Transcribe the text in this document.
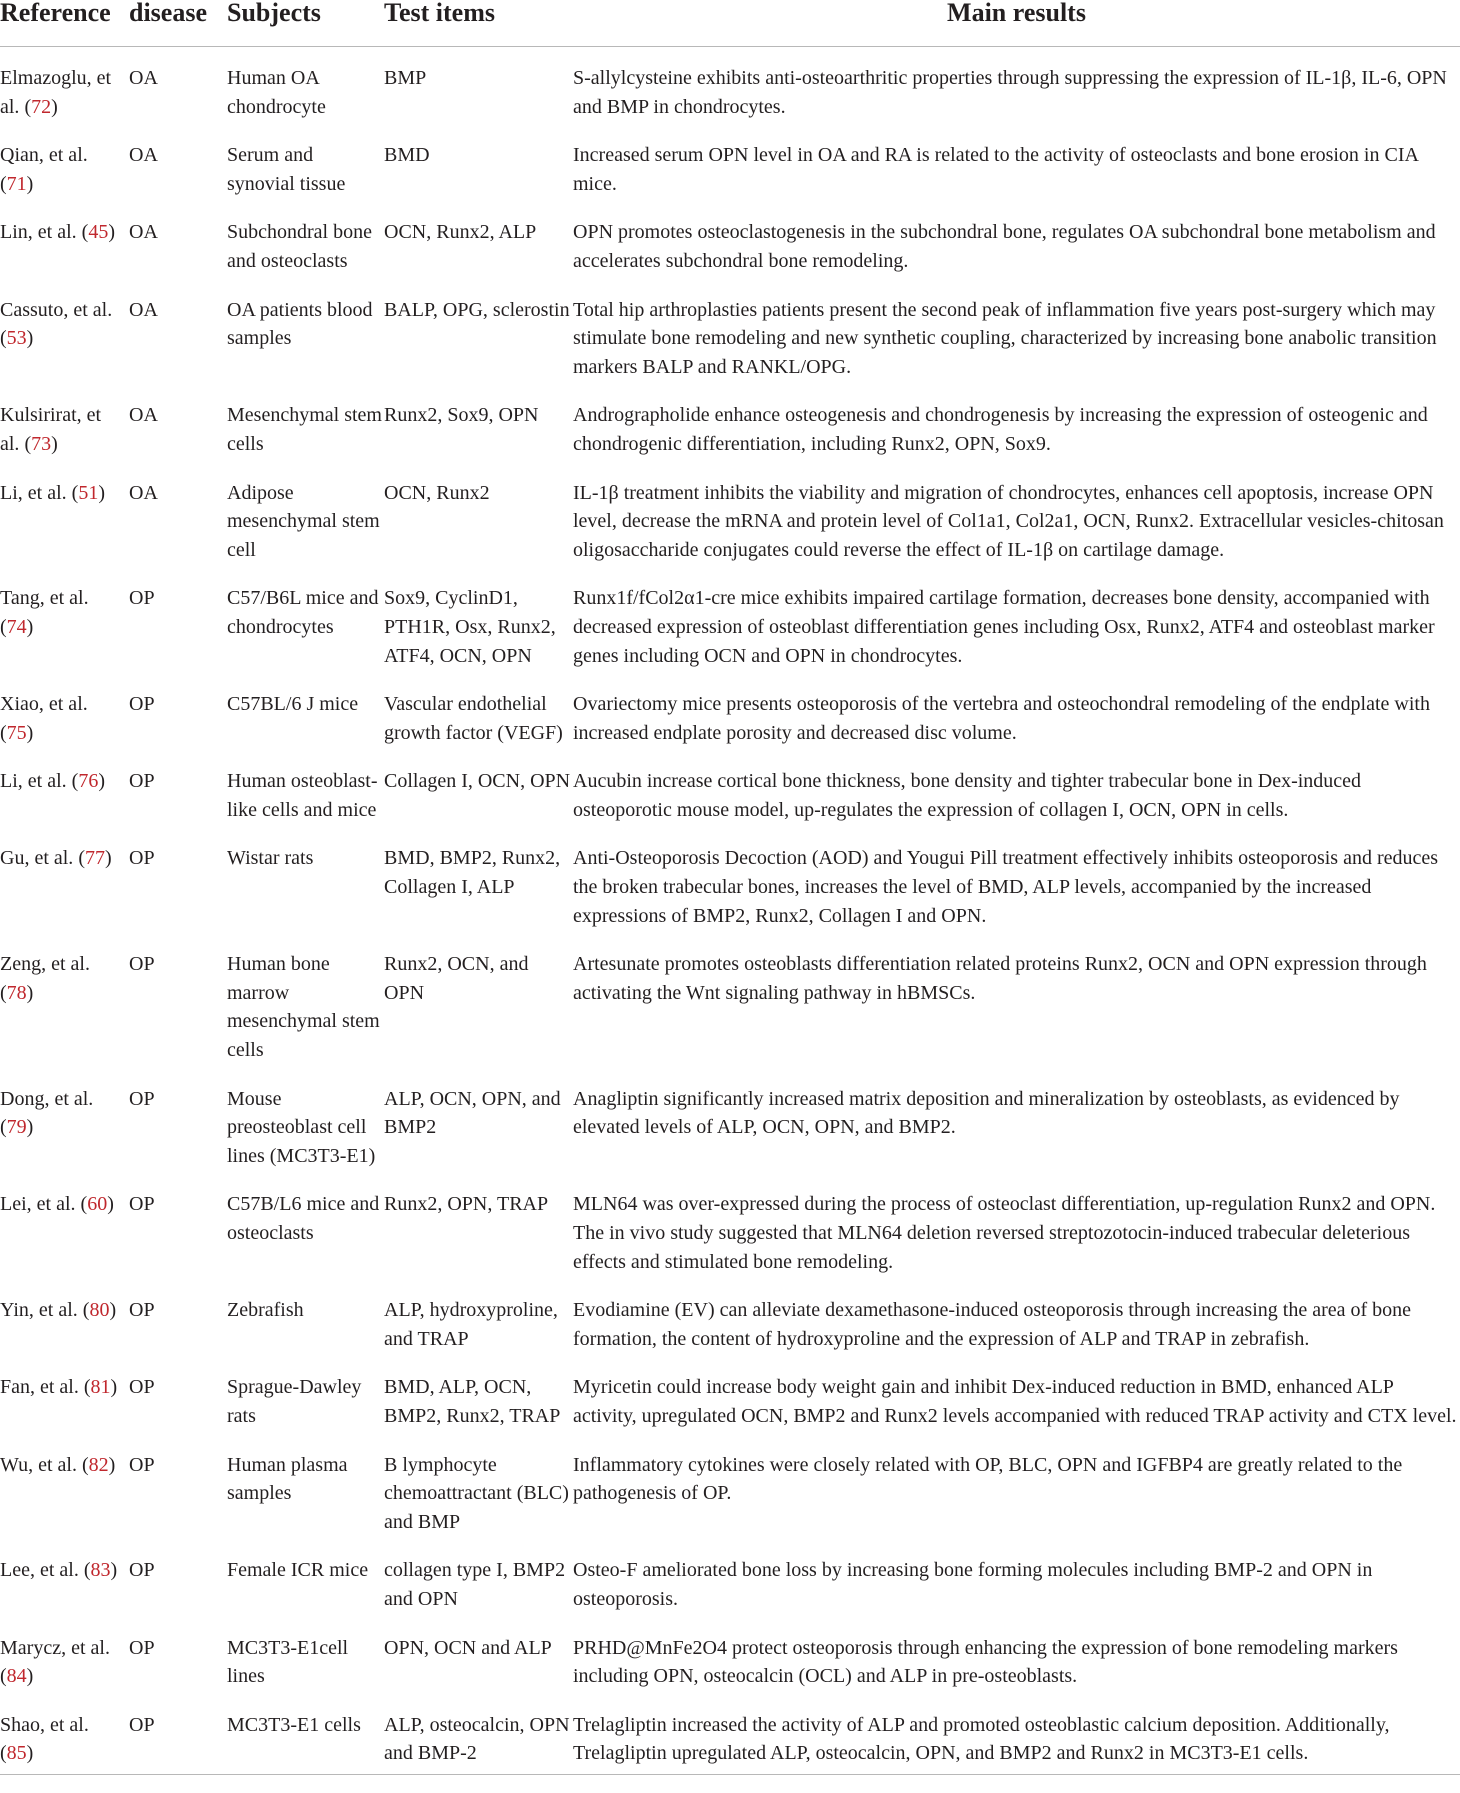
Reference	disease	Subjects	Test items	Main results
Elmazoglu, et al. (72)	OA	Human OA chondrocyte	BMP	S-allylcysteine exhibits anti-osteoarthritic properties through suppressing the expression of IL-1β, IL-6, OPN and BMP in chondrocytes.
Qian, et al. (71)	OA	Serum and synovial tissue	BMD	Increased serum OPN level in OA and RA is related to the activity of osteoclasts and bone erosion in CIA mice.
Lin, et al. (45)	OA	Subchondral bone and osteoclasts	OCN, Runx2, ALP	OPN promotes osteoclastogenesis in the subchondral bone, regulates OA subchondral bone metabolism and accelerates subchondral bone remodeling.
Cassuto, et al. (53)	OA	OA patients blood samples	BALP, OPG, sclerostin	Total hip arthroplasties patients present the second peak of inflammation five years post-surgery which may stimulate bone remodeling and new synthetic coupling, characterized by increasing bone anabolic transition markers BALP and RANKL/OPG.
Kulsirirat, et al. (73)	OA	Mesenchymal stem cells	Runx2, Sox9, OPN	Andrographolide enhance osteogenesis and chondrogenesis by increasing the expression of osteogenic and chondrogenic differentiation, including Runx2, OPN, Sox9.
Li, et al. (51)	OA	Adipose mesenchymal stem cell	OCN, Runx2	IL-1β treatment inhibits the viability and migration of chondrocytes, enhances cell apoptosis, increase OPN level, decrease the mRNA and protein level of Col1a1, Col2a1, OCN, Runx2. Extracellular vesicles-chitosan oligosaccharide conjugates could reverse the effect of IL-1β on cartilage damage.
Tang, et al. (74)	OP	C57/B6L mice and chondrocytes	Sox9, CyclinD1, PTH1R, Osx, Runx2, ATF4, OCN, OPN	Runx1f/fCol2α1-cre mice exhibits impaired cartilage formation, decreases bone density, accompanied with decreased expression of osteoblast differentiation genes including Osx, Runx2, ATF4 and osteoblast marker genes including OCN and OPN in chondrocytes.
Xiao, et al. (75)	OP	C57BL/6 J mice	Vascular endothelial growth factor (VEGF)	Ovariectomy mice presents osteoporosis of the vertebra and osteochondral remodeling of the endplate with increased endplate porosity and decreased disc volume.
Li, et al. (76)	OP	Human osteoblast-like cells and mice	Collagen I, OCN, OPN	Aucubin increase cortical bone thickness, bone density and tighter trabecular bone in Dex-induced osteoporotic mouse model, up-regulates the expression of collagen I, OCN, OPN in cells.
Gu, et al. (77)	OP	Wistar rats	BMD, BMP2, Runx2, Collagen I, ALP	Anti-Osteoporosis Decoction (AOD) and Yougui Pill treatment effectively inhibits osteoporosis and reduces the broken trabecular bones, increases the level of BMD, ALP levels, accompanied by the increased expressions of BMP2, Runx2, Collagen I and OPN.
Zeng, et al. (78)	OP	Human bone marrow mesenchymal stem cells	Runx2, OCN, and OPN	Artesunate promotes osteoblasts differentiation related proteins Runx2, OCN and OPN expression through activating the Wnt signaling pathway in hBMSCs.
Dong, et al. (79)	OP	Mouse preosteoblast cell lines (MC3T3-E1)	ALP, OCN, OPN, and BMP2	Anagliptin significantly increased matrix deposition and mineralization by osteoblasts, as evidenced by elevated levels of ALP, OCN, OPN, and BMP2.
Lei, et al. (60)	OP	C57B/L6 mice and osteoclasts	Runx2, OPN, TRAP	MLN64 was over-expressed during the process of osteoclast differentiation, up-regulation Runx2 and OPN. The in vivo study suggested that MLN64 deletion reversed streptozotocin-induced trabecular deleterious effects and stimulated bone remodeling.
Yin, et al. (80)	OP	Zebrafish	ALP, hydroxyproline, and TRAP	Evodiamine (EV) can alleviate dexamethasone-induced osteoporosis through increasing the area of bone formation, the content of hydroxyproline and the expression of ALP and TRAP in zebrafish.
Fan, et al. (81)	OP	Sprague-Dawley rats	BMD, ALP, OCN, BMP2, Runx2, TRAP	Myricetin could increase body weight gain and inhibit Dex-induced reduction in BMD, enhanced ALP activity, upregulated OCN, BMP2 and Runx2 levels accompanied with reduced TRAP activity and CTX level.
Wu, et al. (82)	OP	Human plasma samples	B lymphocyte chemoattractant (BLC) and BMP	Inflammatory cytokines were closely related with OP, BLC, OPN and IGFBP4 are greatly related to the pathogenesis of OP.
Lee, et al. (83)	OP	Female ICR mice	collagen type I, BMP2 and OPN	Osteo-F ameliorated bone loss by increasing bone forming molecules including BMP-2 and OPN in osteoporosis.
Marycz, et al. (84)	OP	MC3T3-E1cell lines	OPN, OCN and ALP	PRHD@MnFe2O4 protect osteoporosis through enhancing the expression of bone remodeling markers including OPN, osteocalcin (OCL) and ALP in pre-osteoblasts.
Shao, et al. (85)	OP	MC3T3-E1 cells	ALP, osteocalcin, OPN and BMP-2	Trelagliptin increased the activity of ALP and promoted osteoblastic calcium deposition. Additionally, Trelagliptin upregulated ALP, osteocalcin, OPN, and BMP2 and Runx2 in MC3T3-E1 cells.
